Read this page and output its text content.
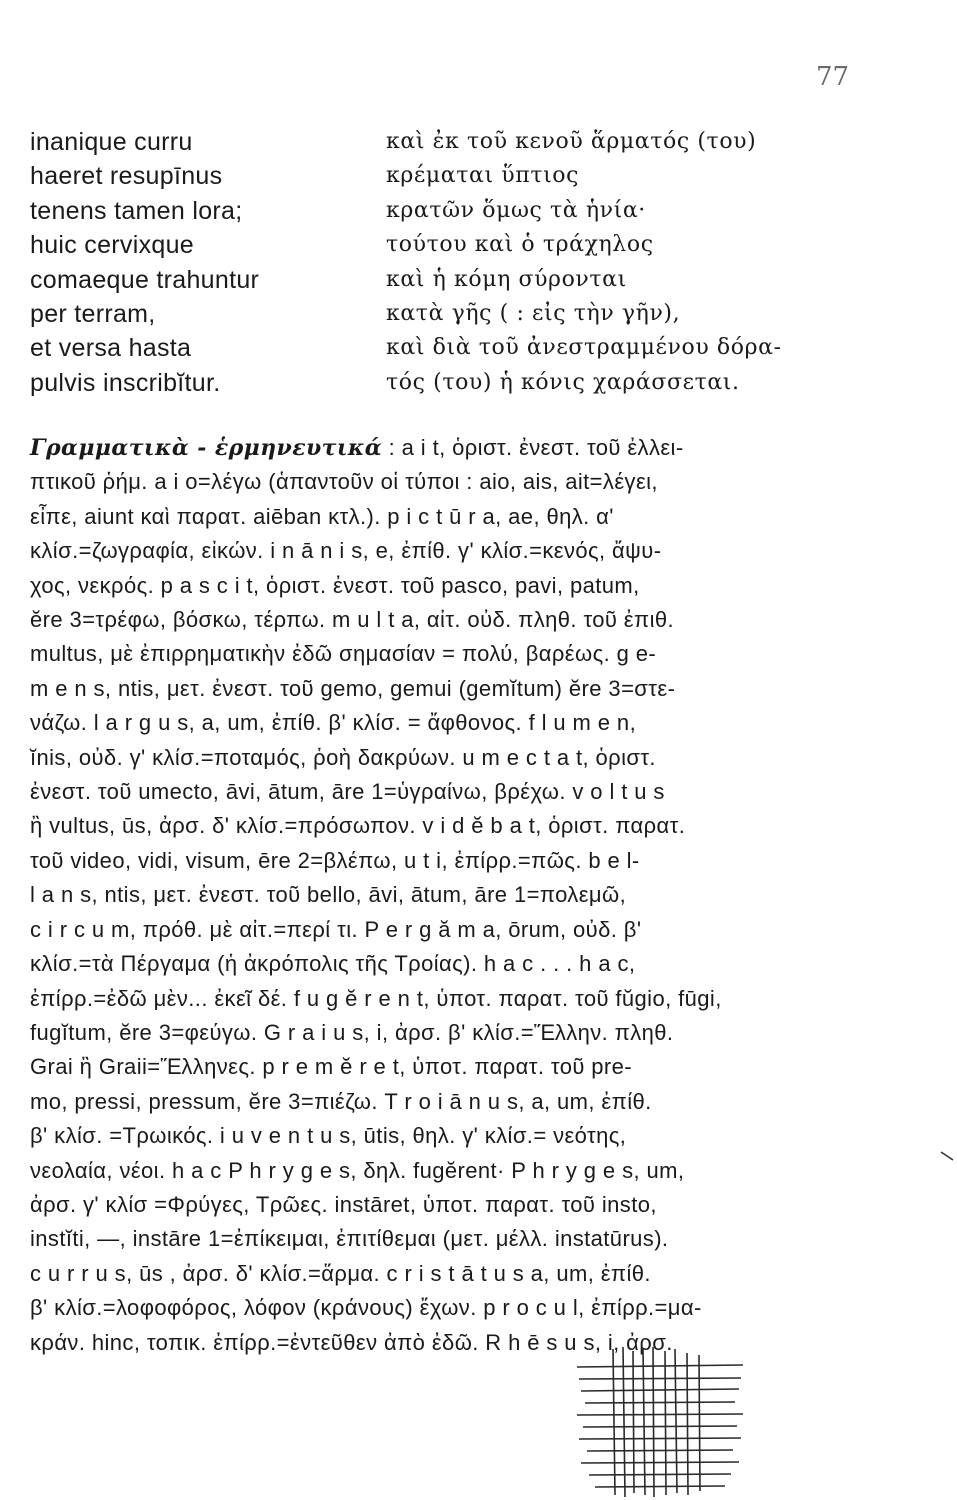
77
inanique curru
haeret resupīnus
tenens tamen lora;
huic cervixque
comaeque trahuntur
per terram,
et versa hasta
pulvis inscribĭtur.
καὶ ἐκ τοῦ κενοῦ ἅρματός (του)
κρέμαται ὕπτιος
κρατῶν ὅμως τὰ ἡνία·
τούτου καὶ ὁ τράχηλος
καὶ ἡ κόμη σύρονται
κατὰ γῆς ( : εἰς τὴν γῆν),
καὶ διὰ τοῦ ἀνεστραμμένου δόρα-
τός (του) ἡ κόνις χαράσσεται.
Γραμματικὰ - ἑρμηνευτικά : a i t, ὁριστ. ἐνεστ. τοῦ ἐλλει-
πτικοῦ ῥήμ. a i o=λέγω (ἁπαντοῦν οἱ τύποι : aio, ais, ait=λέγει,
εἶπε, aiunt καὶ παρατ. aiēban κτλ.). p i c t ū r a, ae, θηλ. α'
κλίσ.=ζωγραφία, εἰκών. i n ā n i s, e, ἐπίθ. γ' κλίσ.=κενός, ἄψυ-
χος, νεκρός. p a s c i t, ὁριστ. ἐνεστ. τοῦ pasco, pavi, patum,
ĕre 3=τρέφω, βόσκω, τέρπω. m u l t a, αἰτ. οὐδ. πληθ. τοῦ ἐπιθ.
multus, μὲ ἐπιρρηματικὴν ἐδῶ σημασίαν = πολύ, βαρέως. g e-
m e n s, ntis, μετ. ἐνεστ. τοῦ gemo, gemui (gemĭtum) ĕre 3=στε-
νάζω. l a r g u s, a, um, ἐπίθ. β' κλίσ. = ἄφθονος. f l u m e n,
ĭnis, οὐδ. γ' κλίσ.=ποταμός, ῥοὴ δακρύων. u m e c t a t, ὁριστ.
ἐνεστ. τοῦ umecto, āvi, ātum, āre 1=ὑγραίνω, βρέχω. v o l t u s
ἢ vultus, ūs, ἀρσ. δ' κλίσ.=πρόσωπον. v i d ĕ b a t, ὁριστ. παρατ.
τοῦ video, vidi, visum, ēre 2=βλέπω, u t i, ἐπίρρ.=πῶς. b e l-
l a n s, ntis, μετ. ἐνεστ. τοῦ bello, āvi, ātum, āre 1=πολεμῶ,
c i r c u m, πρόθ. μὲ αἰτ.=περί τι. P e r g ă m a, ōrum, οὐδ. β'
κλίσ.=τὰ Πέργαμα (ἡ ἀκρόπολις τῆς Τροίας). h a c . . . h a c,
ἐπίρρ.=ἐδῶ μὲν... ἐκεῖ δέ. f u g ĕ r e n t, ὑποτ. παρατ. τοῦ fŭgio, fūgi,
fugĭtum, ĕre 3=φεύγω. G r a i u s, i, ἀρσ. β' κλίσ.=Ἕλλην. πληθ.
Grai ἢ Graii=Ἕλληνες. p r e m ĕ r e t, ὑποτ. παρατ. τοῦ pre-
mo, pressi, pressum, ĕre 3=πιέζω. T r o i ā n u s, a, um, ἐπίθ.
β' κλίσ. =Τρωικός. i u v e n t u s, ūtis, θηλ. γ' κλίσ.= νεότης,
νεολαία, νέοι. h a c P h r y g e s, δηλ. fugĕrent· P h r y g e s, um,
ἀρσ. γ' κλίσ =Φρύγες, Τρῶες. instāret, ὑποτ. παρατ. τοῦ insto,
instĭti, —, instāre 1=ἐπίκειμαι, ἐπιτίθεμαι (μετ. μέλλ. instatūrus).
c u r r u s, ūs , ἀρσ. δ' κλίσ.=ἅρμα. c r i s t ā t u s a, um, ἐπίθ.
β' κλίσ.=λοφοφόρος, λόφον (κράνους) ἔχων. p r o c u l, ἐπίρρ.=μα-
κράν. hinc, τοπικ. ἐπίρρ.=ἐντεῦθεν ἀπὸ ἐδῶ. R h ē s u s, i, ἀρσ.
